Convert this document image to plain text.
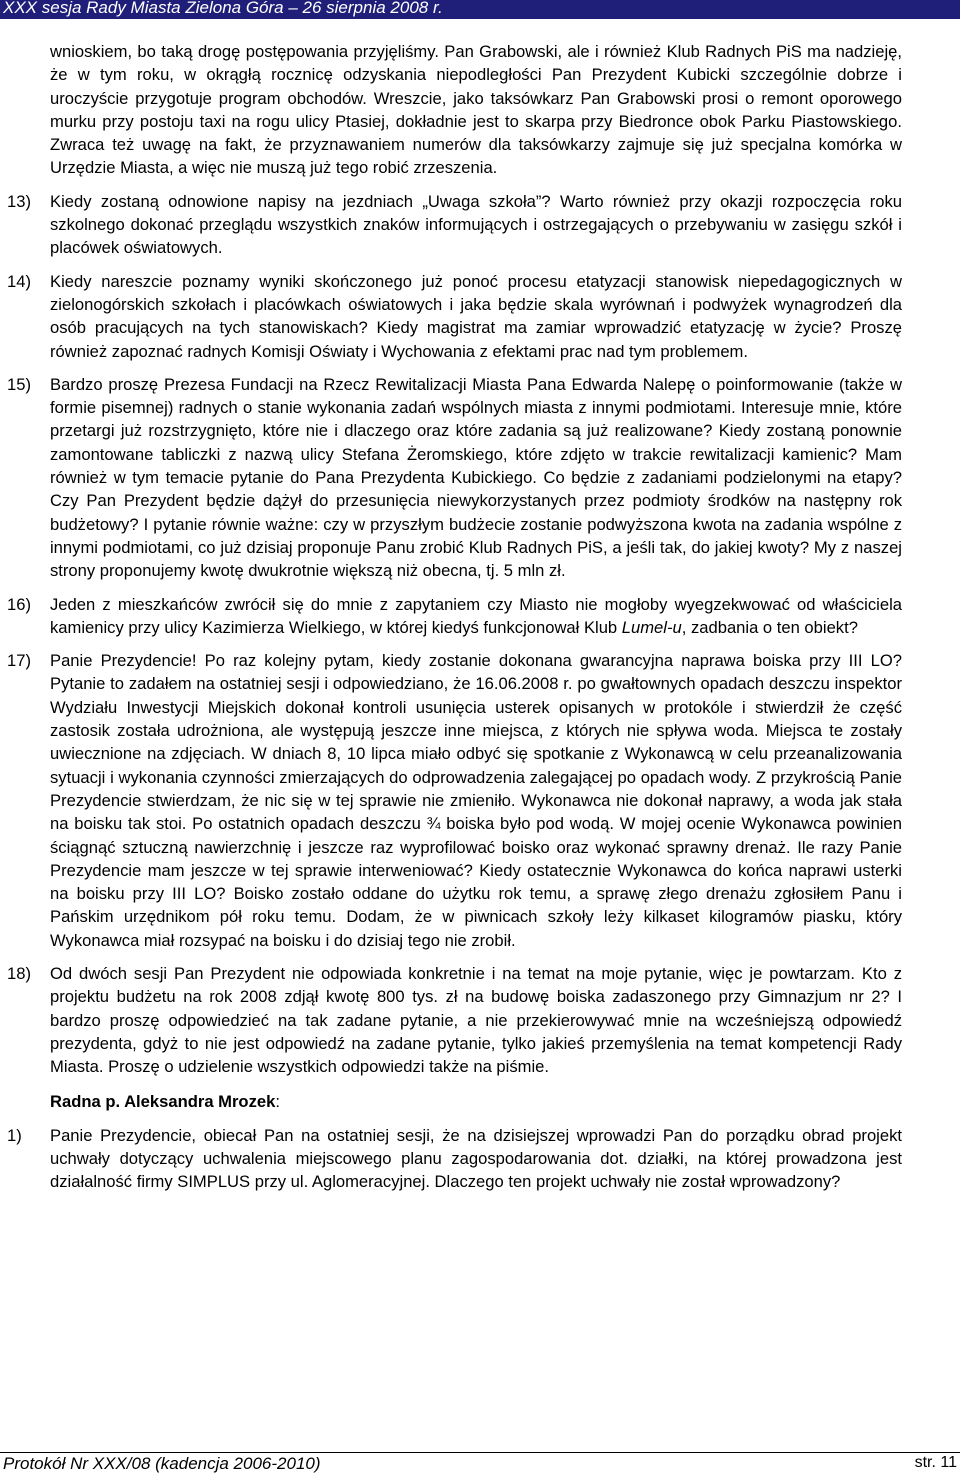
XXX sesja Rady Miasta Zielona Góra – 26 sierpnia 2008 r.

wnioskiem, bo taką drogę postępowania przyjęliśmy. Pan Grabowski, ale i również Klub Radnych PiS ma nadzieję, że w tym roku, w okrągłą rocznicę odzyskania niepodległości Pan Prezydent Kubicki szczególnie dobrze i uroczyście przygotuje program obchodów. Wreszcie, jako taksówkarz Pan Grabowski prosi o remont oporowego murku przy postoju taxi na rogu ulicy Ptasiej, dokładnie jest to skarpa przy Biedronce obok Parku Piastowskiego. Zwraca też uwagę na fakt, że przyznawaniem numerów dla taksówkarzy zajmuje się już specjalna komórka w Urzędzie Miasta, a więc nie muszą już tego robić zrzeszenia.

13)	Kiedy zostaną odnowione napisy na jezdniach „Uwaga szkoła”? Warto również przy okazji rozpoczęcia roku szkolnego dokonać przeglądu wszystkich znaków informujących i ostrzegających o przebywaniu w zasięgu szkół i placówek oświatowych.
14)	Kiedy nareszcie poznamy wyniki skończonego już ponoć procesu etatyzacji stanowisk niepedagogicznych w zielonogórskich szkołach i placówkach oświatowych i jaka będzie skala wyrównań i podwyżek wynagrodzeń dla osób pracujących na tych stanowiskach? Kiedy magistrat ma zamiar wprowadzić etatyzację w życie? Proszę również zapoznać radnych Komisji Oświaty i Wychowania z efektami prac nad tym problemem.
15)	Bardzo proszę Prezesa Fundacji na Rzecz Rewitalizacji Miasta Pana Edwarda Nalepę o poinformowanie (także w formie pisemnej) radnych o stanie wykonania zadań wspólnych miasta z innymi podmiotami. Interesuje mnie, które przetargi już rozstrzygnięto, które nie i dlaczego oraz które zadania są już realizowane? Kiedy zostaną ponownie zamontowane tabliczki z nazwą ulicy Stefana Żeromskiego, które zdjęto w trakcie rewitalizacji kamienic? Mam również w tym temacie pytanie do Pana Prezydenta Kubickiego. Co będzie z zadaniami podzielonymi na etapy? Czy Pan Prezydent będzie dążył do przesunięcia niewykorzystanych przez podmioty środków na następny rok budżetowy? I pytanie równie ważne: czy w przyszłym budżecie zostanie podwyższona kwota na zadania wspólne z innymi podmiotami, co już dzisiaj proponuje Panu zrobić Klub Radnych PiS, a jeśli tak, do jakiej kwoty? My z naszej strony proponujemy kwotę dwukrotnie większą niż obecna, tj. 5 mln zł.
16)	Jeden z mieszkańców zwrócił się do mnie z zapytaniem czy Miasto nie mogłoby wyegzekwować od właściciela kamienicy przy ulicy Kazimierza Wielkiego, w której kiedyś funkcjonował Klub Lumel-u, zadbania o ten obiekt?
17)	Panie Prezydencie! Po raz kolejny pytam, kiedy zostanie dokonana gwarancyjna naprawa boiska przy III LO? Pytanie to zadałem na ostatniej sesji i odpowiedziano, że 16.06.2008 r. po gwałtownych opadach deszczu inspektor Wydziału Inwestycji Miejskich dokonał kontroli usunięcia usterek opisanych w protokóle i stwierdził że część zastosik została udrożniona, ale występują jeszcze inne miejsca, z których nie spływa woda. Miejsca te zostały uwiecznione na zdjęciach. W dniach 8, 10 lipca miało odbyć się spotkanie z Wykonawcą w celu przeanalizowania sytuacji i wykonania czynności zmierzających do odprowadzenia zalegającej po opadach wody. Z przykrością Panie Prezydencie stwierdzam, że nic się w tej sprawie nie zmieniło. Wykonawca nie dokonał naprawy, a woda jak stała na boisku tak stoi. Po ostatnich opadach deszczu ¾ boiska było pod wodą. W mojej ocenie Wykonawca powinien ściągnąć sztuczną nawierzchnię i jeszcze raz wyprofilować boisko oraz wykonać sprawny drenaż. Ile razy Panie Prezydencie mam jeszcze w tej sprawie interweniować? Kiedy ostatecznie Wykonawca do końca naprawi usterki na boisku przy III LO? Boisko zostało oddane do użytku rok temu, a sprawę złego drenażu zgłosiłem Panu i Pańskim urzędnikom pół roku temu. Dodam, że w piwnicach szkoły leży kilkaset kilogramów piasku, który Wykonawca miał rozsypać na boisku i do dzisiaj tego nie zrobił.
18)	Od dwóch sesji Pan Prezydent nie odpowiada konkretnie i na temat na moje pytanie, więc je powtarzam. Kto z projektu budżetu na rok 2008 zdjął kwotę 800 tys. zł na budowę boiska zadaszonego przy Gimnazjum nr 2? I bardzo proszę odpowiedzieć na tak zadane pytanie, a nie przekierowywać mnie na wcześniejszą odpowiedź prezydenta, gdyż to nie jest odpowiedź na zadane pytanie, tylko jakieś przemyślenia na temat kompetencji Rady Miasta. Proszę o udzielenie wszystkich odpowiedzi także na piśmie.

Radna p. Aleksandra Mrozek:

1)	Panie Prezydencie, obiecał Pan na ostatniej sesji, że na dzisiejszej wprowadzi Pan do porządku obrad projekt uchwały dotyczący uchwalenia miejscowego planu zagospodarowania dot. działki, na której prowadzona jest działalność firmy SIMPLUS przy ul. Aglomeracyjnej. Dlaczego ten projekt uchwały nie został wprowadzony?
Protokół Nr XXX/08 (kadencja 2006-2010)	str. 11
